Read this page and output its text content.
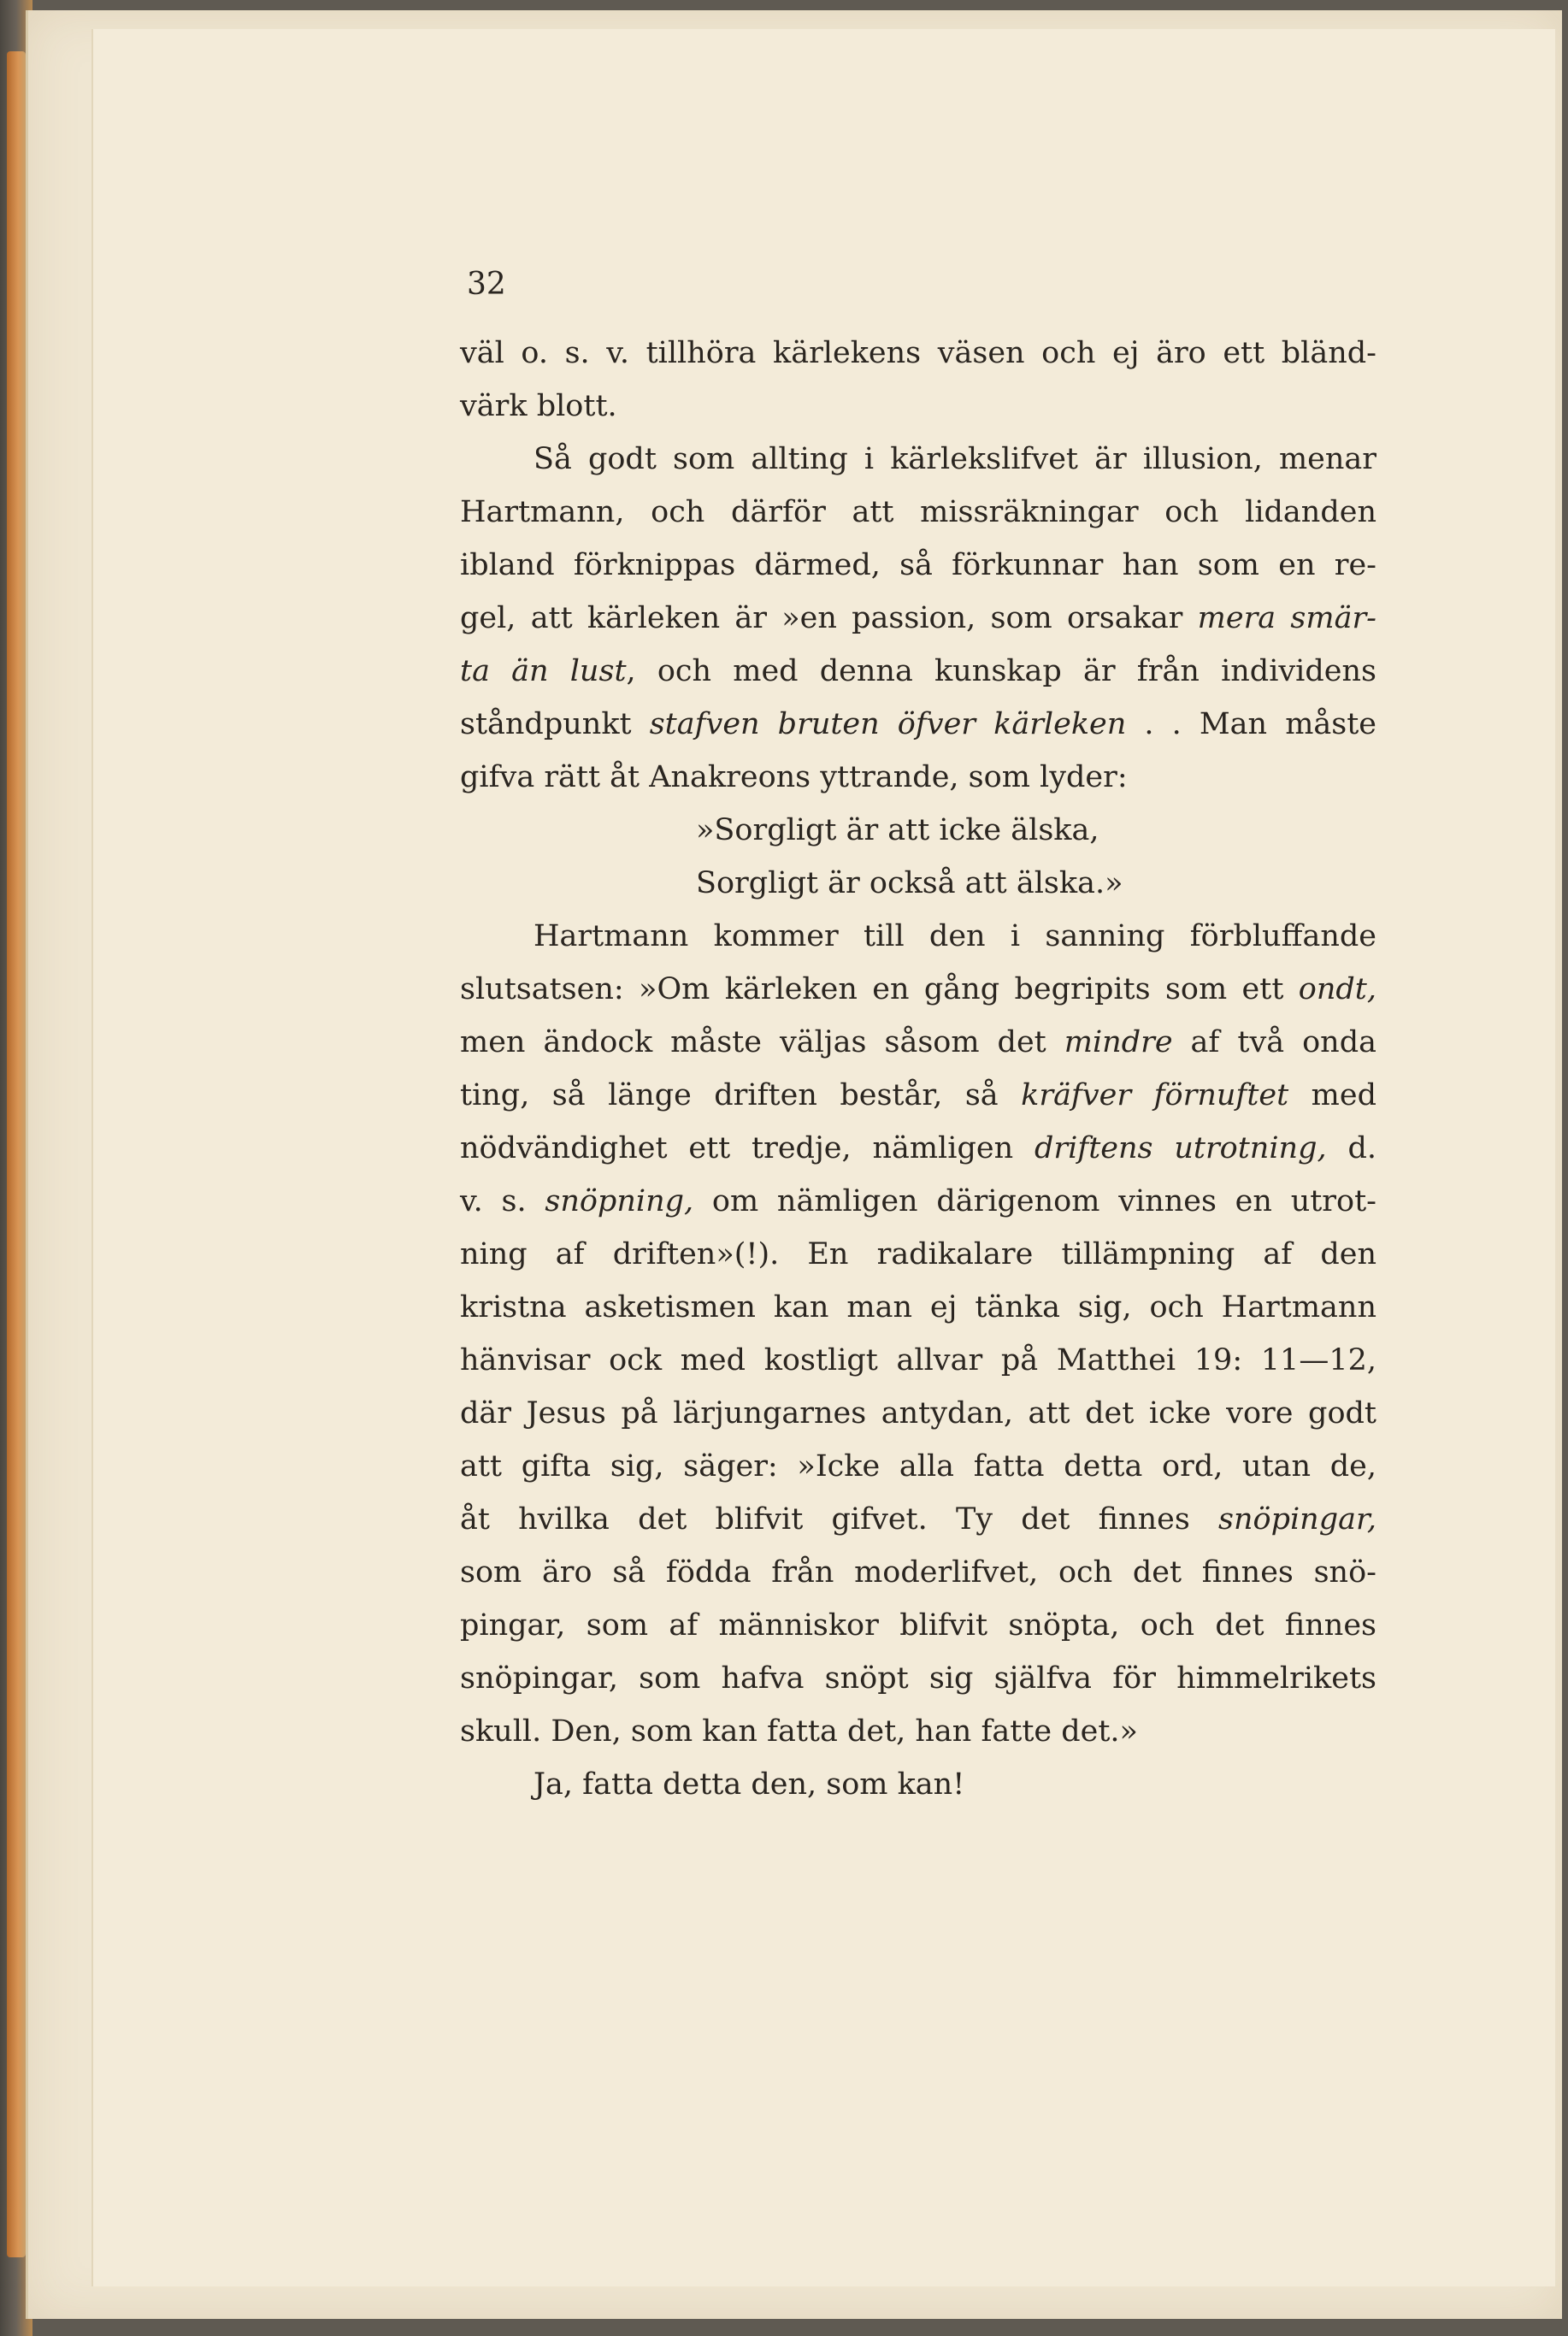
32
väl o. s. v. tillhöra kärlekens väsen och ej äro ett bländ-
värk blott.
Så godt som allting i kärlekslifvet är illusion, menar
Hartmann, och därför att missräkningar och lidanden
ibland förknippas därmed, så förkunnar han som en re-
gel, att kärleken är »en passion, som orsakar mera smär-
ta än lust, och med denna kunskap är från individens
ståndpunkt stafven bruten öfver kärleken . . Man måste
gifva rätt åt Anakreons yttrande, som lyder:
»Sorgligt är att icke älska,
Sorgligt är också att älska.»
Hartmann kommer till den i sanning förbluffande
slutsatsen: »Om kärleken en gång begripits som ett ondt,
men ändock måste väljas såsom det mindre af två onda
ting, så länge driften består, så kräfver förnuftet med
nödvändighet ett tredje, nämligen driftens utrotning, d.
v. s. snöpning, om nämligen därigenom vinnes en utrot-
ning af driften»(!). En radikalare tillämpning af den
kristna asketismen kan man ej tänka sig, och Hartmann
hänvisar ock med kostligt allvar på Matthei 19: 11—12,
där Jesus på lärjungarnes antydan, att det icke vore godt
att gifta sig, säger: »Icke alla fatta detta ord, utan de,
åt hvilka det blifvit gifvet. Ty det finnes snöpingar,
som äro så födda från moderlifvet, och det finnes snö-
pingar, som af människor blifvit snöpta, och det finnes
snöpingar, som hafva snöpt sig själfva för himmelrikets
skull. Den, som kan fatta det, han fatte det.»
Ja, fatta detta den, som kan!
